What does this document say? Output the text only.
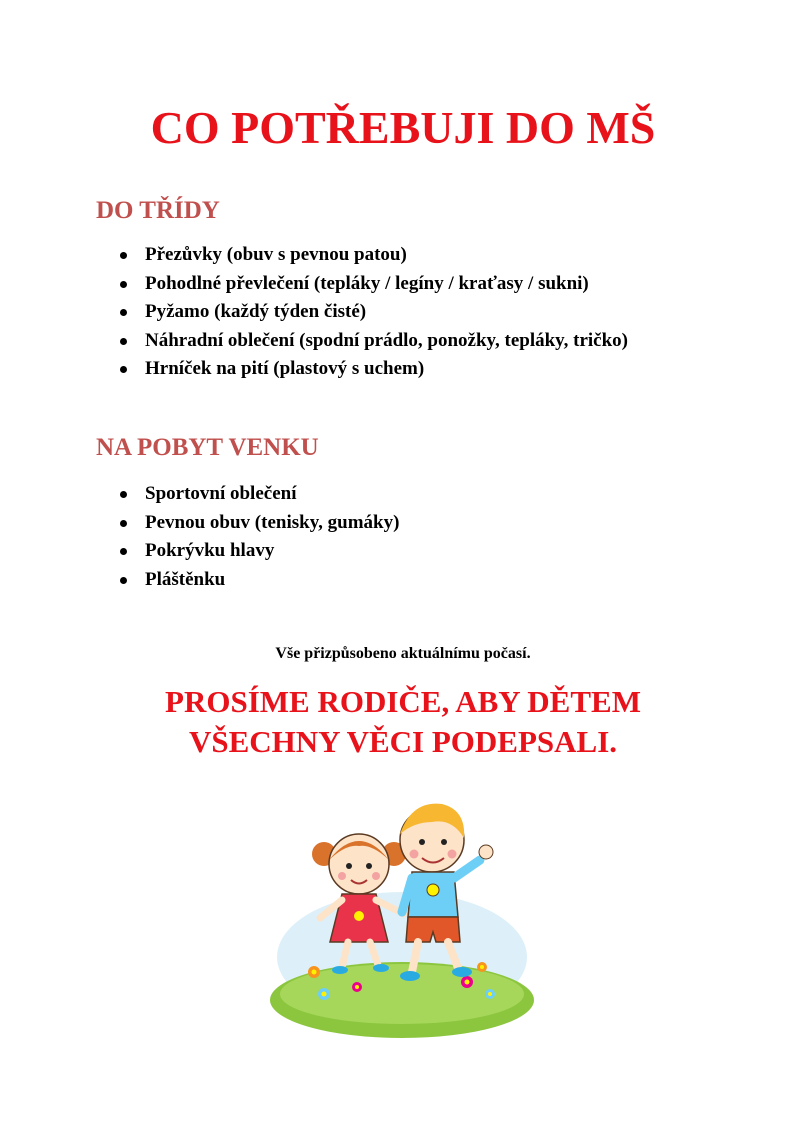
CO POTŘEBUJI DO MŠ
DO TŘÍDY
Přezůvky (obuv s pevnou patou)
Pohodlné převlečení (tepláky / legíny / kraťasy / sukni)
Pyžamo (každý týden čisté)
Náhradní oblečení (spodní prádlo, ponožky, tepláky, tričko)
Hrníček na pití (plastový s uchem)
NA POBYT VENKU
Sportovní oblečení
Pevnou obuv (tenisky, gumáky)
Pokrývku hlavy
Pláštěnku

Vše přizpůsobeno aktuálnímu počasí.

PROSÍME RODIČE, ABY DĚTEM
VŠECHNY VĚCI PODEPSALI.
